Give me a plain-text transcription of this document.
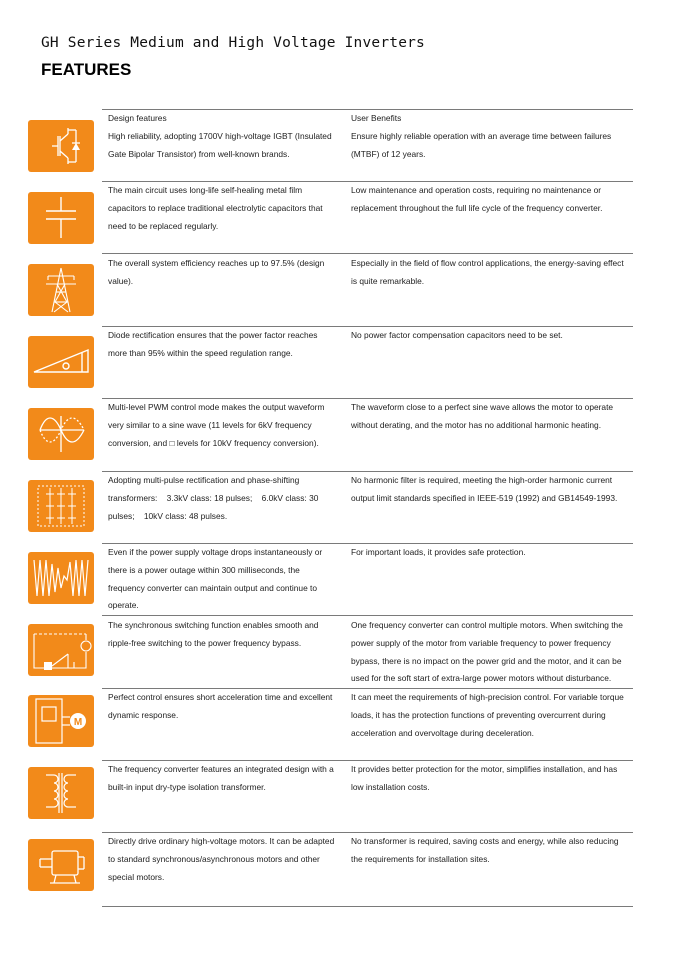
GH Series Medium and High Voltage Inverters
FEATURES
Design features	User Benefits
High reliability, adopting 1700V high-voltage IGBT (Insulated Gate Bipolar Transistor) from well-known brands.
Ensure highly reliable operation with an average time between failures (MTBF) of 12 years.
The main circuit uses long-life self-healing metal film capacitors to replace traditional electrolytic capacitors that need to be replaced regularly.
Low maintenance and operation costs, requiring no maintenance or replacement throughout the full life cycle of the frequency converter.
The overall system efficiency reaches up to 97.5% (design value).
Especially in the field of flow control applications, the energy-saving effect is quite remarkable.
Diode rectification ensures that the power factor reaches more than 95% within the speed regulation range.
No power factor compensation capacitors need to be set.
Multi-level PWM control mode makes the output waveform very similar to a sine wave (11 levels for 6kV frequency conversion, and □ levels for 10kV frequency conversion).
The waveform close to a perfect sine wave allows the motor to operate without derating, and the motor has no additional harmonic heating.
Adopting multi-pulse rectification and phase-shifting transformers:    3.3kV class: 18 pulses;    6.0kV class: 30 pulses;    10kV class: 48 pulses.
No harmonic filter is required, meeting the high-order harmonic current output limit standards specified in IEEE-519 (1992) and GB14549-1993.
Even if the power supply voltage drops instantaneously or there is a power outage within 300 milliseconds, the frequency converter can maintain output and continue to operate.
For important loads, it provides safe protection.
The synchronous switching function enables smooth and ripple-free switching to the power frequency bypass.
One frequency converter can control multiple motors. When switching the power supply of the motor from variable frequency to power frequency bypass, there is no impact on the power grid and the motor, and it can be used for the soft start of extra-large power motors without disturbance.
M
Perfect control ensures short acceleration time and excellent dynamic response.
It can meet the requirements of high-precision control. For variable torque loads, it has the protection functions of preventing overcurrent during acceleration and overvoltage during deceleration.
The frequency converter features an integrated design with a built-in input dry-type isolation transformer.
It provides better protection for the motor, simplifies installation, and has low installation costs.
Directly drive ordinary high-voltage motors. It can be adapted to standard synchronous/asynchronous motors and other special motors.
No transformer is required, saving costs and energy, while also reducing the requirements for installation sites.
